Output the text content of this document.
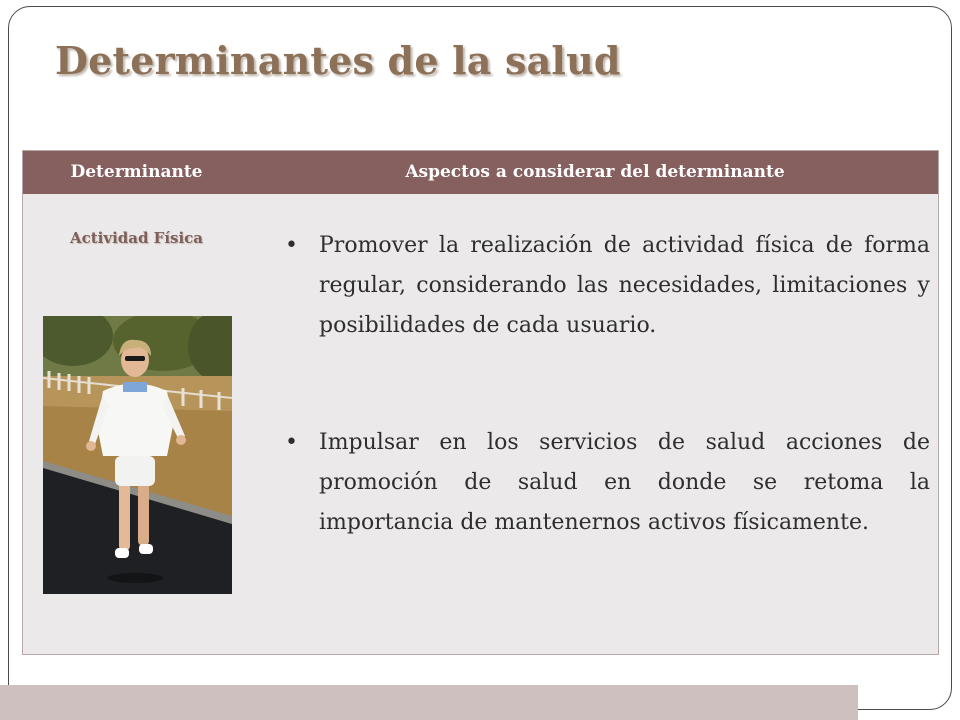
Determinantes de la salud
Determinante	Aspectos a considerar del determinante
Actividad Física	• Promover la realización de actividad física de forma regular, considerando las necesidades, limitaciones y posibilidades de cada usuario.
• Impulsar en los servicios de salud acciones de promoción de salud en donde se retoma la importancia de mantenernos activos físicamente.
